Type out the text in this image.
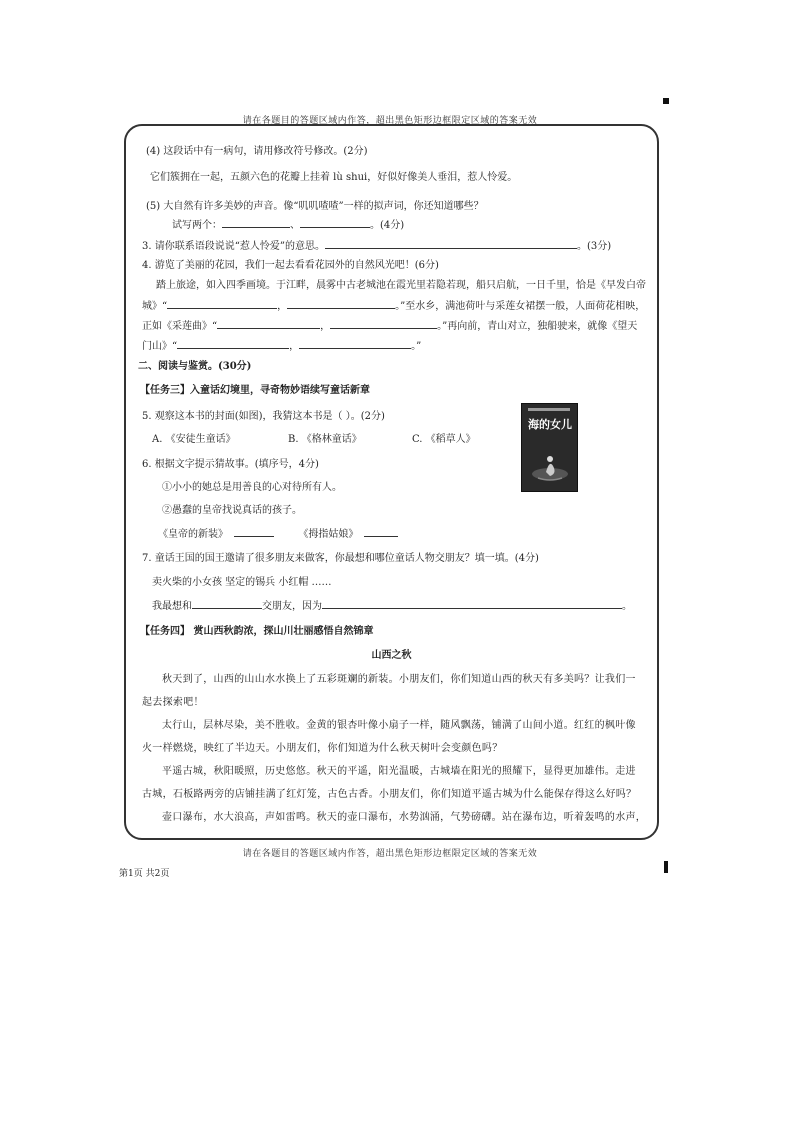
请在各题目的答题区域内作答，超出黑色矩形边框限定区域的答案无效
(4) 这段话中有一病句，请用修改符号修改。(2分)
它们簇拥在一起，五颜六色的花瓣上挂着 lù shui，好似好像美人垂泪，惹人怜爱。
(5) 大自然有许多美妙的声音。像“叽叽喳喳”一样的拟声词，你还知道哪些？
试写两个：	、	。(4分)
3. 请你联系语段说说“惹人怜爱”的意思。	。(3分)
4. 游览了美丽的花园，我们一起去看看花园外的自然风光吧！(6分)
踏上旅途，如入四季画境。于江畔，晨雾中古老城池在霞光里若隐若现，船只启航，一日千里，恰是《早发白帝
城》“	，	。”至水乡，满池荷叶与采莲女裙摆一般，人面荷花相映，
正如《采莲曲》“	，	。”再向前，青山对立，独船驶来，就像《望天
门山》“	，	。”
二、阅读与鉴赏。(30分)
【任务三】入童话幻境里，寻奇物妙语续写童话新章
5. 观察这本书的封面(如图)，我猜这本书是（ ）。(2分)
A. 《安徒生童话》	B. 《格林童话》	C. 《稻草人》
海的女儿
6. 根据文字提示猜故事。(填序号，4分)
①小小的她总是用善良的心对待所有人。
②愚蠢的皇帝找说真话的孩子。
《皇帝的新装》	《拇指姑娘》
7. 童话王国的国王邀请了很多朋友来做客，你最想和哪位童话人物交朋友？填一填。(4分)
卖火柴的小女孩 坚定的锡兵 小红帽 ……
我最想和	交朋友，因为	。
【任务四】 赏山西秋韵浓，探山川壮丽感悟自然锦章
山西之秋
秋天到了，山西的山山水水换上了五彩斑斓的新装。小朋友们，你们知道山西的秋天有多美吗？让我们一
起去探索吧！
太行山，层林尽染，美不胜收。金黄的银杏叶像小扇子一样，随风飘荡，铺满了山间小道。红红的枫叶像
火一样燃烧，映红了半边天。小朋友们，你们知道为什么秋天树叶会变颜色吗？
平遥古城，秋阳暖照，历史悠悠。秋天的平遥，阳光温暖，古城墙在阳光的照耀下，显得更加雄伟。走进
古城，石板路两旁的店铺挂满了红灯笼，古色古香。小朋友们，你们知道平遥古城为什么能保存得这么好吗？
壶口瀑布，水大浪高，声如雷鸣。秋天的壶口瀑布，水势汹涌，气势磅礴。站在瀑布边，听着轰鸣的水声，
请在各题目的答题区域内作答，超出黑色矩形边框限定区域的答案无效
第1页 共2页
